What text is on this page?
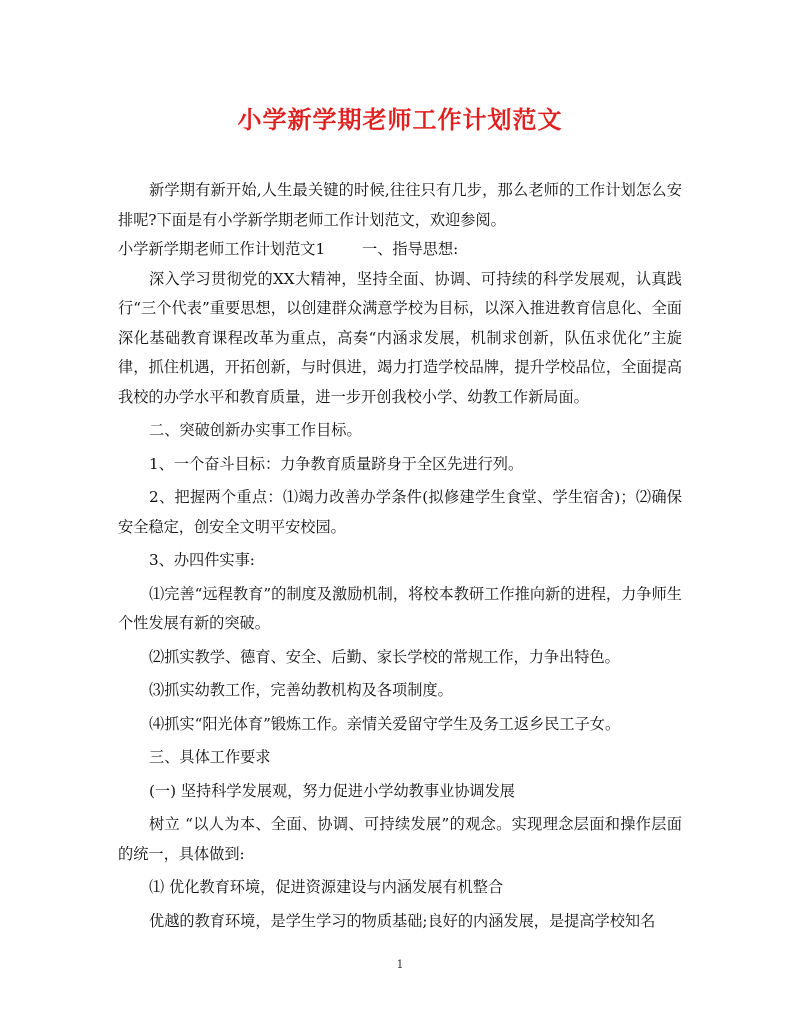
小学新学期老师工作计划范文

新学期有新开始,人生最关键的时候,往往只有几步，那么老师的工作计划怎么安排呢?下面是有小学新学期老师工作计划范文，欢迎参阅。

小学新学期老师工作计划范文1	一、指导思想:

深入学习贯彻党的XX大精神，坚持全面、协调、可持续的科学发展观，认真践行“三个代表”重要思想，以创建群众满意学校为目标，以深入推进教育信息化、全面深化基础教育课程改革为重点，高奏“内涵求发展，机制求创新，队伍求优化”主旋律，抓住机遇，开拓创新，与时俱进，竭力打造学校品牌，提升学校品位，全面提高我校的办学水平和教育质量，进一步开创我校小学、幼教工作新局面。

二、突破创新办实事工作目标。

1、一个奋斗目标：力争教育质量跻身于全区先进行列。

2、把握两个重点：⑴竭力改善办学条件(拟修建学生食堂、学生宿舍)；⑵确保安全稳定，创安全文明平安校园。

3、办四件实事:

⑴完善“远程教育”的制度及激励机制，将校本教研工作推向新的进程，力争师生个性发展有新的突破。

⑵抓实教学、德育、安全、后勤、家长学校的常规工作，力争出特色。

⑶抓实幼教工作，完善幼教机构及各项制度。

⑷抓实“阳光体育”锻炼工作。亲情关爱留守学生及务工返乡民工子女。

三、具体工作要求

(一) 坚持科学发展观，努力促进小学幼教事业协调发展

树立 “以人为本、全面、协调、可持续发展”的观念。实现理念层面和操作层面的统一，具体做到:

⑴ 优化教育环境，促进资源建设与内涵发展有机整合

优越的教育环境，是学生学习的物质基础;良好的内涵发展，是提高学校知名

1
